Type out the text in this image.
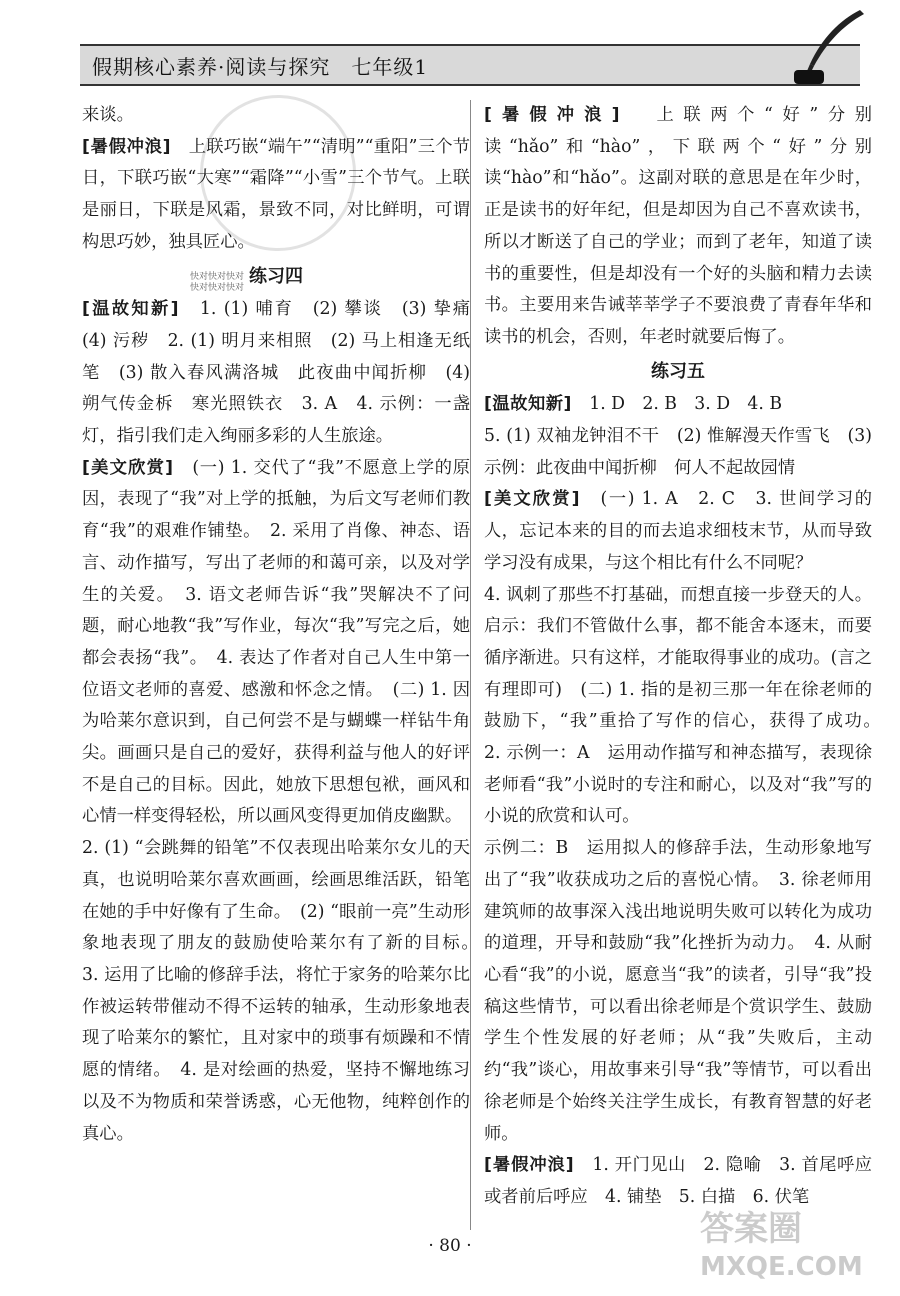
假期核心素养·阅读与探究　七年级1
快对快对快对
快对快对快对

来谈。

[暑假冲浪]　上联巧嵌“端午”“清明”“重阳”三个节日，下联巧嵌“大寒”“霜降”“小雪”三个节气。上联是丽日，下联是风霜，景致不同，对比鲜明，可谓构思巧妙，独具匠心。

练习四

[温故知新]　1. (1) 哺育　(2) 攀谈　(3) 挚痛　(4) 污秽　2. (1) 明月来相照　(2) 马上相逢无纸笔　(3) 散入春风满洛城　此夜曲中闻折柳　(4) 朔气传金柝　寒光照铁衣　3. A　4. 示例：一盏灯，指引我们走入绚丽多彩的人生旅途。

[美文欣赏]　(一) 1. 交代了“我”不愿意上学的原因，表现了“我”对上学的抵触，为后文写老师们教育“我”的艰难作铺垫。　2. 采用了肖像、神态、语言、动作描写，写出了老师的和蔼可亲，以及对学生的关爱。　3. 语文老师告诉“我”哭解决不了问题，耐心地教“我”写作业，每次“我”写完之后，她都会表扬“我”。　4. 表达了作者对自己人生中第一位语文老师的喜爱、感激和怀念之情。　(二) 1. 因为哈莱尔意识到，自己何尝不是与蝴蝶一样钻牛角尖。画画只是自己的爱好，获得利益与他人的好评不是自己的目标。因此，她放下思想包袱，画风和心情一样变得轻松，所以画风变得更加俏皮幽默。

2. (1) “会跳舞的铅笔”不仅表现出哈莱尔女儿的天真，也说明哈莱尔喜欢画画，绘画思维活跃，铅笔在她的手中好像有了生命。　(2) “眼前一亮”生动形象地表现了朋友的鼓励使哈莱尔有了新的目标。　3. 运用了比喻的修辞手法，将忙于家务的哈莱尔比作被运转带催动不得不运转的轴承，生动形象地表现了哈莱尔的繁忙，且对家中的琐事有烦躁和不情愿的情绪。　4. 是对绘画的热爱，坚持不懈地练习以及不为物质和荣誉诱惑，心无他物，纯粹创作的真心。

[暑假冲浪]　上联两个“好”分别读“hǎo”和“hào”，下联两个“好”分别读“hào”和“hǎo”。这副对联的意思是在年少时，正是读书的好年纪，但是却因为自己不喜欢读书，所以才断送了自己的学业；而到了老年，知道了读书的重要性，但是却没有一个好的头脑和精力去读书。主要用来告诫莘莘学子不要浪费了青春年华和读书的机会，否则，年老时就要后悔了。

练习五

[温故知新]　1. D　2. B　3. D　4. B

5. (1) 双袖龙钟泪不干　(2) 惟解漫天作雪飞　(3) 示例：此夜曲中闻折柳　何人不起故园情

[美文欣赏]　(一) 1. A　2. C　3. 世间学习的人，忘记本来的目的而去追求细枝末节，从而导致学习没有成果，与这个相比有什么不同呢？

4. 讽刺了那些不打基础，而想直接一步登天的人。启示：我们不管做什么事，都不能舍本逐末，而要循序渐进。只有这样，才能取得事业的成功。(言之有理即可)　(二) 1. 指的是初三那一年在徐老师的鼓励下，“我”重拾了写作的信心，获得了成功。　2. 示例一：A　运用动作描写和神态描写，表现徐老师看“我”小说时的专注和耐心，以及对“我”写的小说的欣赏和认可。

示例二：B　运用拟人的修辞手法，生动形象地写出了“我”收获成功之后的喜悦心情。　3. 徐老师用建筑师的故事深入浅出地说明失败可以转化为成功的道理，开导和鼓励“我”化挫折为动力。　4. 从耐心看“我”的小说，愿意当“我”的读者，引导“我”投稿这些情节，可以看出徐老师是个赏识学生、鼓励学生个性发展的好老师；从“我”失败后，主动约“我”谈心，用故事来引导“我”等情节，可以看出徐老师是个始终关注学生成长，有教育智慧的好老师。

[暑假冲浪]　1. 开门见山　2. 隐喻　3. 首尾呼应或者前后呼应　4. 铺垫　5. 白描　6. 伏笔

· 80 ·	答案圈
MXQE.COM
